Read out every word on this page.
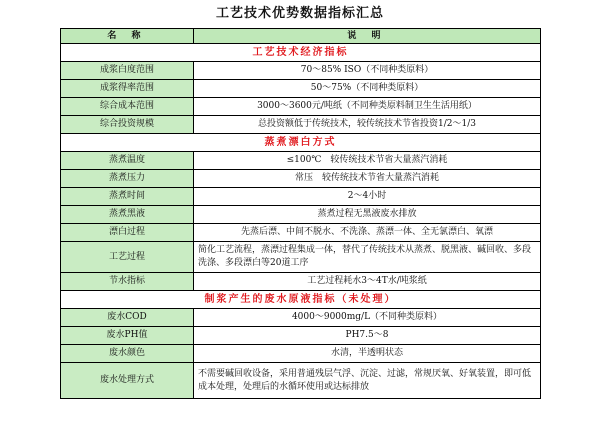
工艺技术优势数据指标汇总
名 称	说 明
工艺技术经济指标	
成浆白度范围	70～85% ISO（不同种类原料）
成浆得率范围	50～75%（不同种类原料）
综合成本范围	3000～3600元/吨纸（不同种类原料制卫生生活用纸）
综合投资规模	总投资额低于传统技术，较传统技术节省投资1/2～1/3
蒸煮漂白方式	
蒸煮温度	≤100℃　较传统技术节省大量蒸汽消耗
蒸煮压力	常压　较传统技术节省大量蒸汽消耗
蒸煮时间	2～4小时
蒸煮黑液	蒸煮过程无黑液废水排放
漂白过程	先蒸后漂、中间不脱水、不洗涤、蒸漂一体、全无氯漂白、氧漂
工艺过程	简化工艺流程，蒸漂过程集成一体，替代了传统技术从蒸煮、脱黑液、碱回收、多段洗涤、多段漂白等20道工序
节水指标	工艺过程耗水3～4T水/吨浆纸
制浆产生的废水原液指标（未处理）	
废水COD	4000～9000mg/L（不同种类原料）
废水PH值	PH7.5～8
废水颜色	水清，半透明状态
废水处理方式	不需要碱回收设备，采用普通残层气浮、沉淀、过滤，常规厌氧、好氧装置，即可低成本处理，处理后的水循环使用或达标排放
